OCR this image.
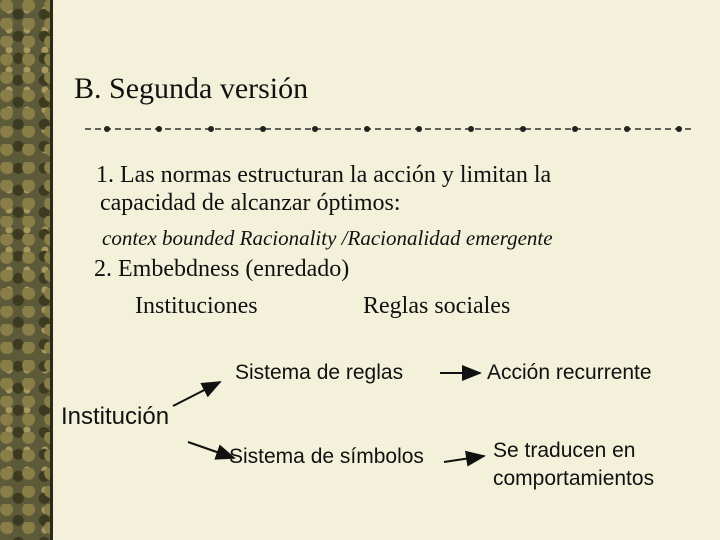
B. Segunda versión
1. Las normas estructuran la acción y limitan la
capacidad de alcanzar óptimos:
contex bounded Racionality /Racionalidad emergente
2. Embebdness (enredado)
Instituciones	Reglas sociales
Sistema de reglas	Acción recurrente
Institución
Sistema de símbolos	Se traducen en
comportamientos
